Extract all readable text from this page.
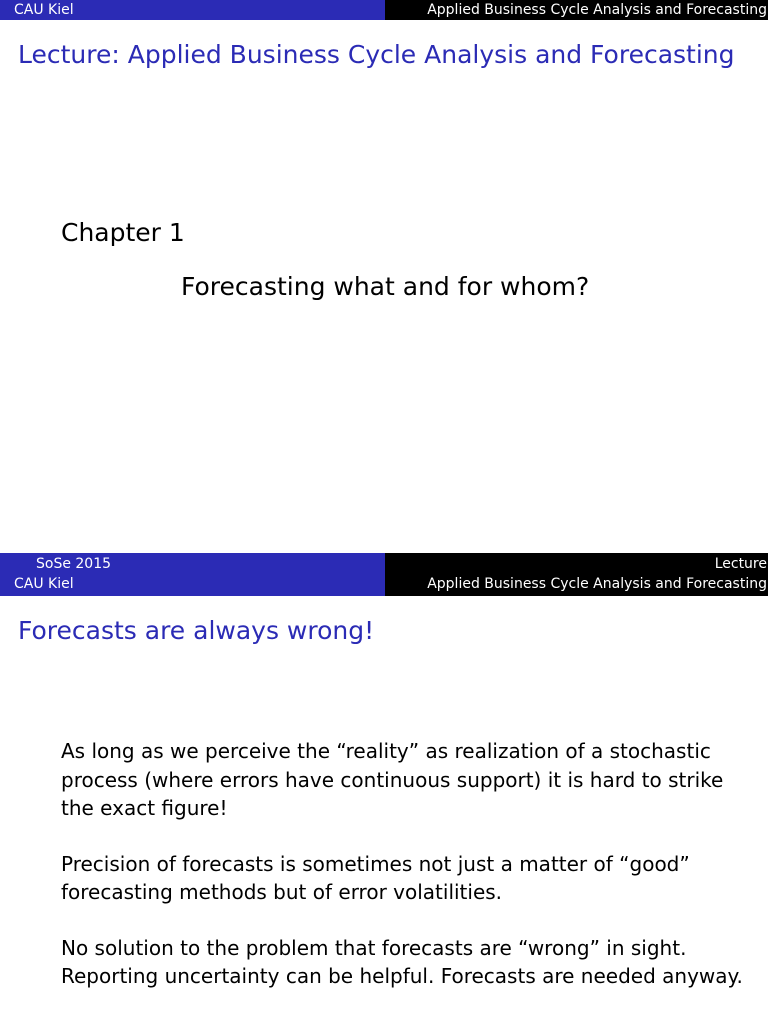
CAU Kiel	Applied Business Cycle Analysis and Forecasting
Lecture: Applied Business Cycle Analysis and Forecasting
Chapter 1
Forecasting what and for whom?
SoSe 2015
CAU Kiel
Lecture
Applied Business Cycle Analysis and Forecasting
Forecasts are always wrong!

As long as we perceive the “reality” as realization of a stochastic process (where errors have continuous support) it is hard to strike the exact figure!

Precision of forecasts is sometimes not just a matter of “good” forecasting methods but of error volatilities.

No solution to the problem that forecasts are “wrong” in sight. Reporting uncertainty can be helpful. Forecasts are needed anyway.
